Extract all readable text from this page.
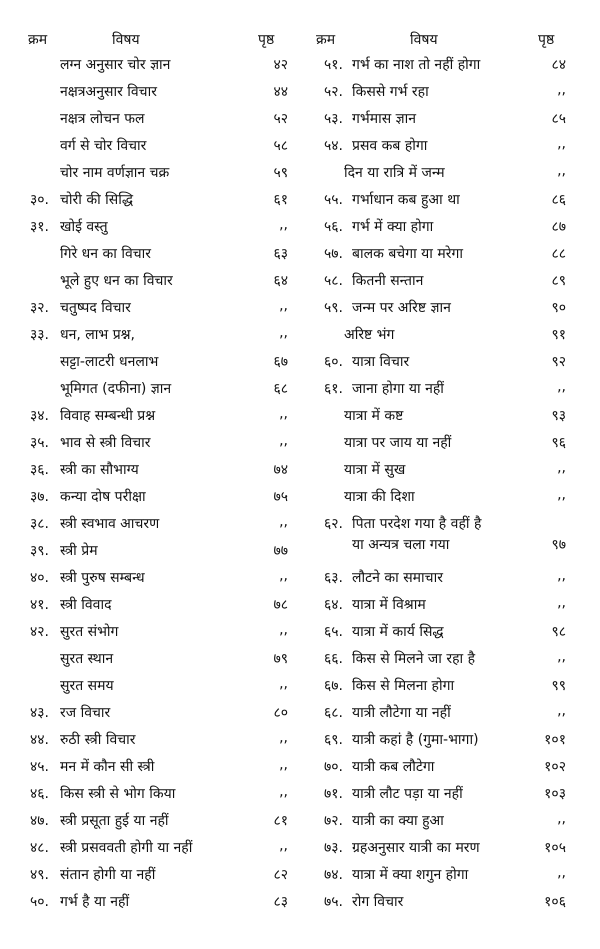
क्रम	विषय	पृष्ठ	क्रम	विषय	पृष्ठ
लग्न अनुसार चोर ज्ञान	४२
नक्षत्रअनुसार विचार	४४
नक्षत्र लोचन फल	५२
वर्ग से चोर विचार	५८
चोर नाम वर्णज्ञान चक्र	५९
३०. चोरी की सिद्धि	६१
३१. खोई वस्तु	,,
गिरे धन का विचार	६३
भूले हुए धन का विचार	६४
३२. चतुष्पद विचार	,,
३३. धन, लाभ प्रश्न,	,,
सट्टा-लाटरी धनलाभ	६७
भूमिगत (दफीना) ज्ञान	६८
३४. विवाह सम्बन्धी प्रश्न	,,
३५. भाव से स्त्री विचार	,,
३६. स्त्री का सौभाग्य	७४
३७. कन्या दोष परीक्षा	७५
३८. स्त्री स्वभाव आचरण	,,
३९. स्त्री प्रेम	७७
४०. स्त्री पुरुष सम्बन्ध	,,
४१. स्त्री विवाद	७८
४२. सुरत संभोग	,,
सुरत स्थान	७९
सुरत समय	,,
४३. रज विचार	८०
४४. रुठी स्त्री विचार	,,
४५. मन में कौन सी स्त्री	,,
४६. किस स्त्री से भोग किया	,,
४७. स्त्री प्रसूता हुई या नहीं	८१
४८. स्त्री प्रसववती होगी या नहीं	,,
४९. संतान होगी या नहीं	८२
५०. गर्भ है या नहीं	८३
५१. गर्भ का नाश तो नहीं होगा	८४
५२. किससे गर्भ रहा	,,
५३. गर्भमास ज्ञान	८५
५४. प्रसव कब होगा	,,
दिन या रात्रि में जन्म	,,
५५. गर्भाधान कब हुआ था	८६
५६. गर्भ में क्या होगा	८७
५७. बालक बचेगा या मरेगा	८८
५८. कितनी सन्तान	८९
५९. जन्म पर अरिष्ट ज्ञान	९०
अरिष्ट भंग	९१
६०. यात्रा विचार	९२
६१. जाना होगा या नहीं	,,
यात्रा में कष्ट	९३
यात्रा पर जाय या नहीं	९६
यात्रा में सुख	,,
यात्रा की दिशा	,,
६२. पिता परदेश गया है वहीं है
या अन्यत्र चला गया	९७
६३. लौटने का समाचार	,,
६४. यात्रा में विश्राम	,,
६५. यात्रा में कार्य सिद्ध	९८
६६. किस से मिलने जा रहा है	,,
६७. किस से मिलना होगा	९९
६८. यात्री लौटेगा या नहीं	,,
६९. यात्री कहां है (गुमा-भागा)	१०१
७०. यात्री कब लौटेगा	१०२
७१. यात्री लौट पड़ा या नहीं	१०३
७२. यात्री का क्या हुआ	,,
७३. ग्रहअनुसार यात्री का मरण	१०५
७४. यात्रा में क्या शगुन होगा	,,
७५. रोग विचार	१०६
